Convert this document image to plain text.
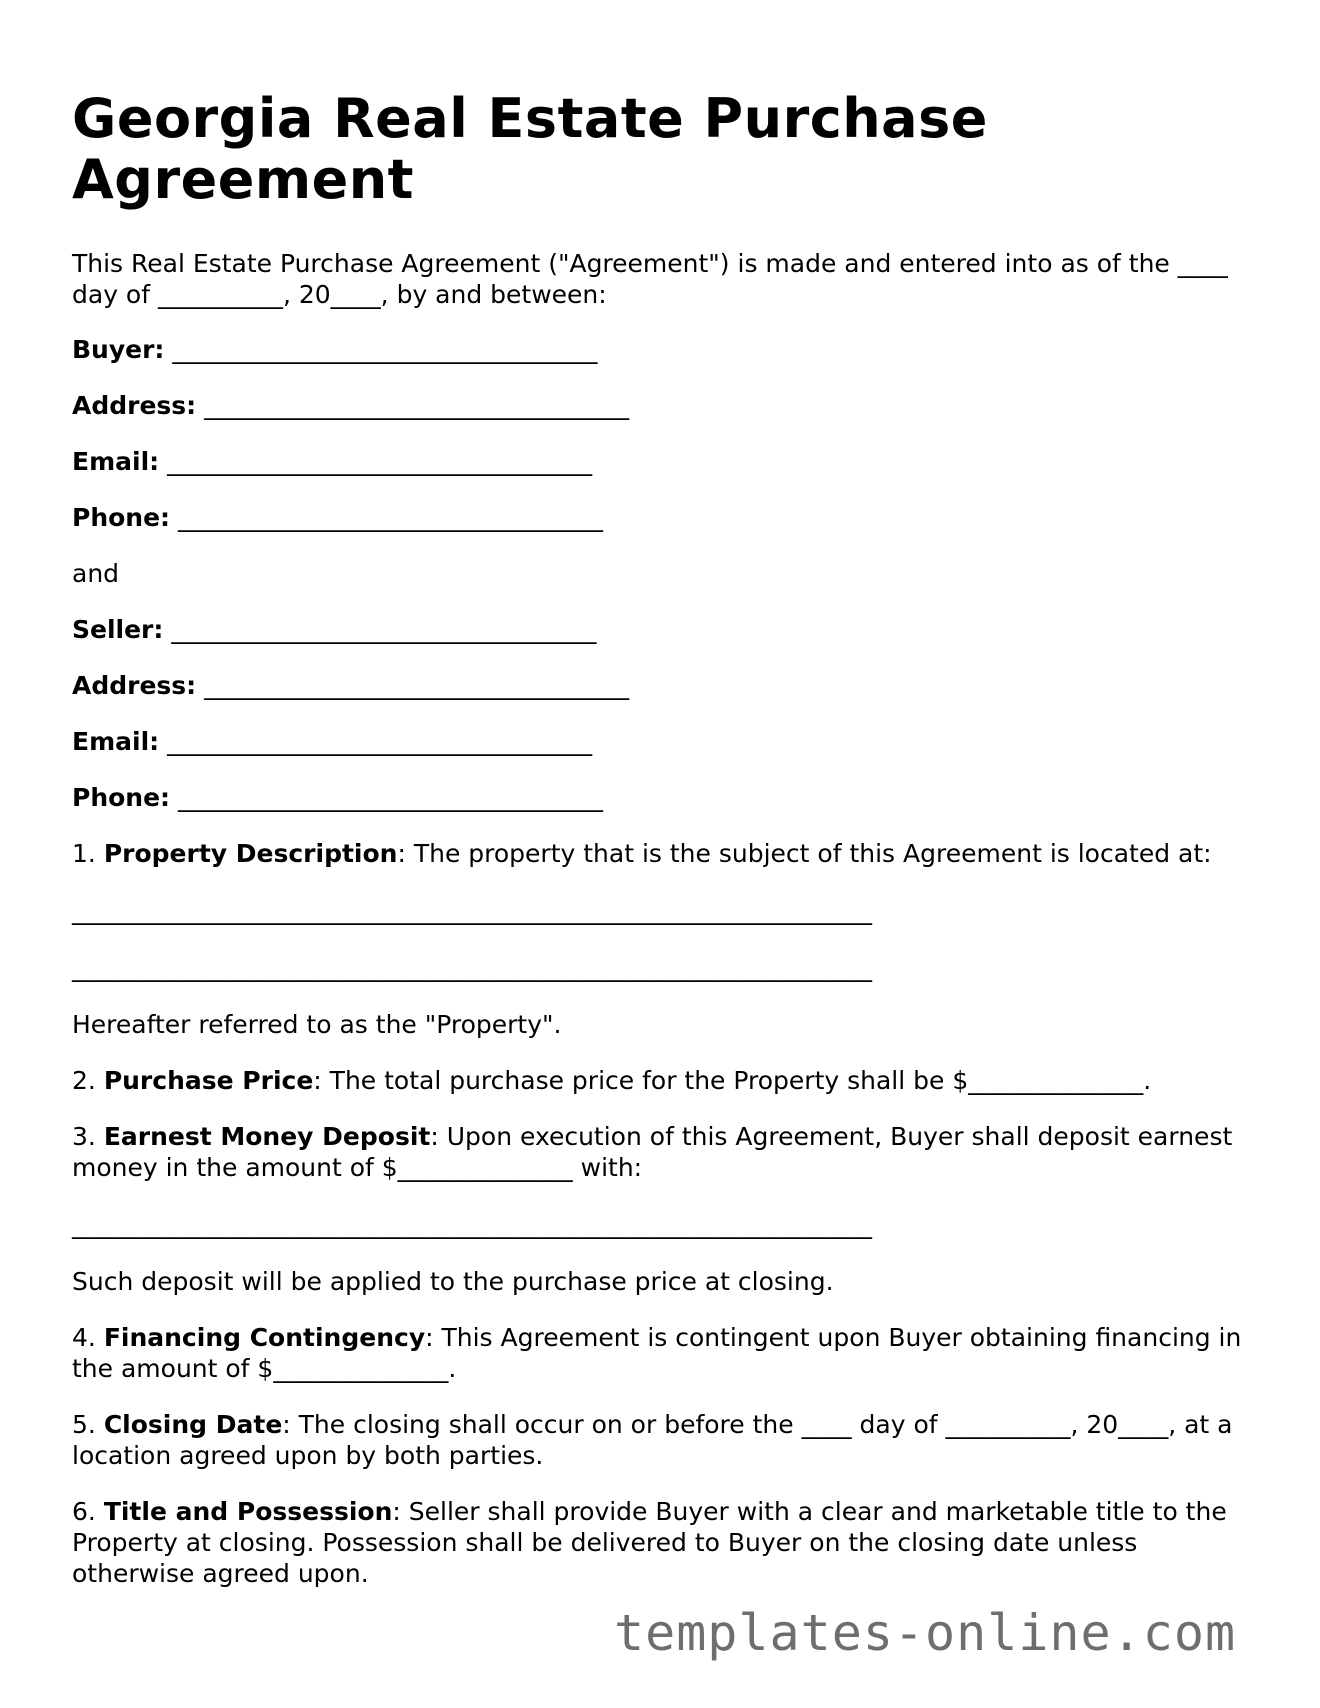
Georgia Real Estate Purchase Agreement

This Real Estate Purchase Agreement ("Agreement") is made and entered into as of the ____ day of __________, 20____, by and between:

Buyer: __________________________________

Address: __________________________________

Email: __________________________________

Phone: __________________________________

and

Seller: __________________________________

Address: __________________________________

Email: __________________________________

Phone: __________________________________

1. Property Description: The property that is the subject of this Agreement is located at:

________________________________________________________________

________________________________________________________________

Hereafter referred to as the "Property".

2. Purchase Price: The total purchase price for the Property shall be $______________.

3. Earnest Money Deposit: Upon execution of this Agreement, Buyer shall deposit earnest money in the amount of $______________ with:

________________________________________________________________

Such deposit will be applied to the purchase price at closing.

4. Financing Contingency: This Agreement is contingent upon Buyer obtaining financing in the amount of $______________.

5. Closing Date: The closing shall occur on or before the ____ day of __________, 20____, at a location agreed upon by both parties.

6. Title and Possession: Seller shall provide Buyer with a clear and marketable title to the Property at closing. Possession shall be delivered to Buyer on the closing date unless otherwise agreed upon.

templates-online.com
